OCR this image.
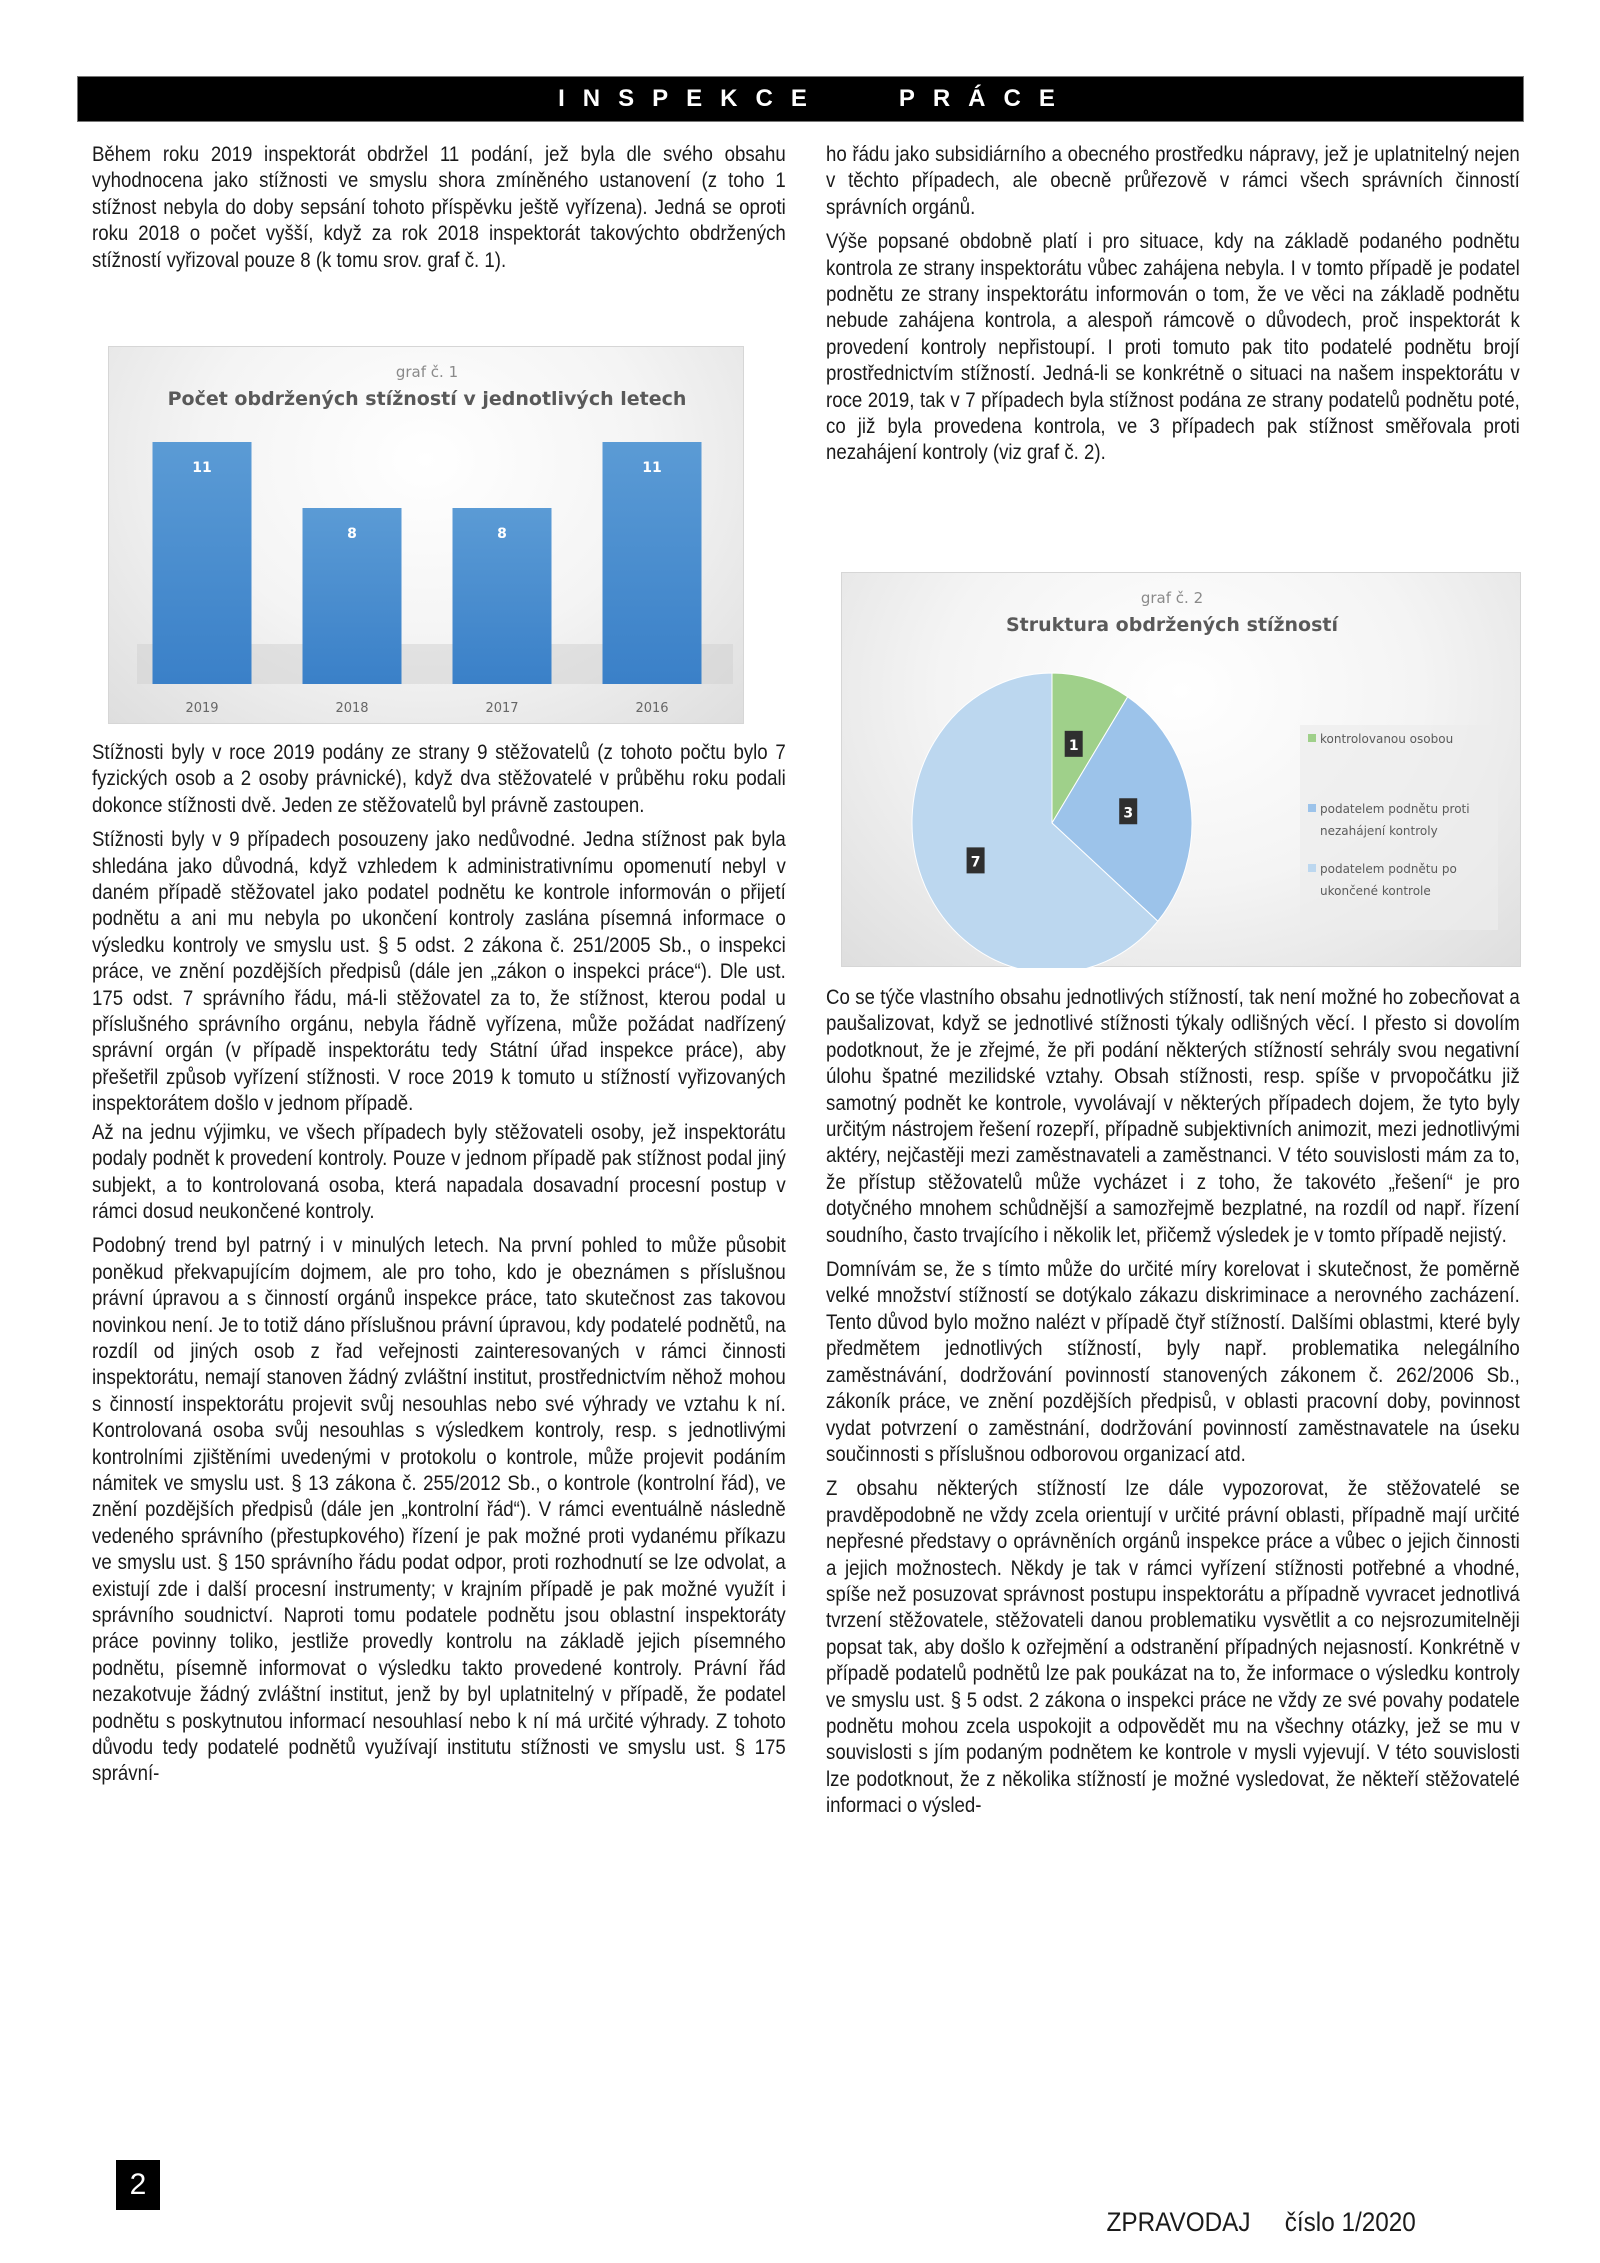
INSPEKCE   PRÁCE

Během roku 2019 inspektorát obdržel 11 podání, jež byla dle svého obsahu vyhodnocena jako stížnosti ve smyslu shora zmíněného ustanovení (z toho 1 stížnost nebyla do doby sepsání tohoto příspěvku ještě vyřízena). Jedná se oproti roku 2018 o počet vyšší, když za rok 2018 inspektorát takovýchto obdržených stížností vyřizoval pouze 8 (k tomu srov. graf č. 1).

graf č. 1
Počet obdržených stížností v jednotlivých letech
11
2019
8
2018
8
2017
11
2016

Stížnosti byly v roce 2019 podány ze strany 9 stěžovatelů (z tohoto počtu bylo 7 fyzických osob a 2 osoby právnické), když dva stěžovatelé v průběhu roku podali dokonce stížnosti dvě. Jeden ze stěžovatelů byl právně zastoupen.

Stížnosti byly v 9 případech posouzeny jako nedůvodné. Jedna stížnost pak byla shledána jako důvodná, když vzhledem k administrativnímu opomenutí nebyl v daném případě stěžovatel jako podatel podnětu ke kontrole informován o přijetí podnětu a ani mu nebyla po ukončení kontroly zaslána písemná informace o výsledku kontroly ve smyslu ust. § 5 odst. 2 zákona č. 251/2005 Sb., o inspekci práce, ve znění pozdějších předpisů (dále jen „zákon o inspekci práce“). Dle ust. 175 odst. 7 správního řádu, má-li stěžovatel za to, že stížnost, kterou podal u příslušného správního orgánu, nebyla řádně vyřízena, může požádat nadřízený správní orgán (v případě inspektorátu tedy Státní úřad inspekce práce), aby přešetřil způsob vyřízení stížnosti. V roce 2019 k tomuto u stížností vyřizovaných inspektorátem došlo v jednom případě.

Až na jednu výjimku, ve všech případech byly stěžovateli osoby, jež inspektorátu podaly podnět k provedení kontroly. Pouze v jednom případě pak stížnost podal jiný subjekt, a to kontrolovaná osoba, která napadala dosavadní procesní postup v rámci dosud neukončené kontroly.

Podobný trend byl patrný i v minulých letech. Na první pohled to může působit poněkud překvapujícím dojmem, ale pro toho, kdo je obeznámen s příslušnou právní úpravou a s činností orgánů inspekce práce, tato skutečnost zas takovou novinkou není. Je to totiž dáno příslušnou právní úpravou, kdy podatelé podnětů, na rozdíl od jiných osob z řad veřejnosti zainteresovaných v rámci činnosti inspektorátu, nemají stanoven žádný zvláštní institut, prostřednictvím něhož mohou s činností inspektorátu projevit svůj nesouhlas nebo své výhrady ve vztahu k ní. Kontrolovaná osoba svůj nesouhlas s výsledkem kontroly, resp. s jednotlivými kontrolními zjištěními uvedenými v protokolu o kontrole, může projevit podáním námitek ve smyslu ust. § 13 zákona č. 255/2012 Sb., o kontrole (kontrolní řád), ve znění pozdějších předpisů (dále jen „kontrolní řád“). V rámci eventuálně následně vedeného správního (přestupkového) řízení je pak možné proti vydanému příkazu ve smyslu ust. § 150 správního řádu podat odpor, proti rozhodnutí se lze odvolat, a existují zde i další procesní instrumenty; v krajním případě je pak možné využít i správního soudnictví. Naproti tomu podatele podnětu jsou oblastní inspektoráty práce povinny toliko, jestliže provedly kontrolu na základě jejich písemného podnětu, písemně informovat o výsledku takto provedené kontroly. Právní řád nezakotvuje žádný zvláštní institut, jenž by byl uplatnitelný v případě, že podatel podnětu s poskytnutou informací nesouhlasí nebo k ní má určité výhrady. Z tohoto důvodu tedy podatelé podnětů využívají institutu stížnosti ve smyslu ust. § 175 správní-

ho řádu jako subsidiárního a obecného prostředku nápravy, jež je uplatnitelný nejen v těchto případech, ale obecně průřezově v rámci všech správních činností správních orgánů.

Výše popsané obdobně platí i pro situace, kdy na základě podaného podnětu kontrola ze strany inspektorátu vůbec zahájena nebyla. I v tomto případě je podatel podnětu ze strany inspektorátu informován o tom, že ve věci na základě podnětu nebude zahájena kontrola, a alespoň rámcově o důvodech, proč inspektorát k provedení kontroly nepřistoupí. I proti tomuto pak tito podatelé podnětu brojí prostřednictvím stížností. Jedná-li se konkrétně o situaci na našem inspektorátu v roce 2019, tak v 7 případech byla stížnost podána ze strany podatelů podnětu poté, co již byla provedena kontrola, ve 3 případech pak stížnost směřovala proti nezahájení kontroly (viz graf č. 2).

graf č. 2
Struktura obdržených stížností
1
3
7
kontrolovanou osobou
podatelem podnětu proti
nezahájení kontroly
podatelem podnětu po
ukončené kontrole

Co se týče vlastního obsahu jednotlivých stížností, tak není možné ho zobecňovat a paušalizovat, když se jednotlivé stížnosti týkaly odlišných věcí. I přesto si dovolím podotknout, že je zřejmé, že při podání některých stížností sehrály svou negativní úlohu špatné mezilidské vztahy. Obsah stížnosti, resp. spíše v prvopočátku již samotný podnět ke kontrole, vyvolávají v některých případech dojem, že tyto byly určitým nástrojem řešení rozepří, případně subjektivních animozit, mezi jednotlivými aktéry, nejčastěji mezi zaměstnavateli a zaměstnanci. V této souvislosti mám za to, že přístup stěžovatelů může vycházet i z toho, že takovéto „řešení“ je pro dotyčného mnohem schůdnější a samozřejmě bezplatné, na rozdíl od např. řízení soudního, často trvajícího i několik let, přičemž výsledek je v tomto případě nejistý.

Domnívám se, že s tímto může do určité míry korelovat i skutečnost, že poměrně velké množství stížností se dotýkalo zákazu diskriminace a nerovného zacházení. Tento důvod bylo možno nalézt v případě čtyř stížností. Dalšími oblastmi, které byly předmětem jednotlivých stížností, byly např. problematika nelegálního zaměstnávání, dodržování povinností stanovených zákonem č. 262/2006 Sb., zákoník práce, ve znění pozdějších předpisů, v oblasti pracovní doby, povinnost vydat potvrzení o zaměstnání, dodržování povinností zaměstnavatele na úseku součinnosti s příslušnou odborovou organizací atd.

Z obsahu některých stížností lze dále vypozorovat, že stěžovatelé se pravděpodobně ne vždy zcela orientují v určité právní oblasti, případně mají určité nepřesné představy o oprávněních orgánů inspekce práce a vůbec o jejich činnosti a jejich možnostech. Někdy je tak v rámci vyřízení stížnosti potřebné a vhodné, spíše než posuzovat správnost postupu inspektorátu a případně vyvracet jednotlivá tvrzení stěžovatele, stěžovateli danou problematiku vysvětlit a co nejsrozumitelněji popsat tak, aby došlo k ozřejmění a odstranění případných nejasností. Konkrétně v případě podatelů podnětů lze pak poukázat na to, že informace o výsledku kontroly ve smyslu ust. § 5 odst. 2 zákona o inspekci práce ne vždy ze své povahy podatele podnětu mohou zcela uspokojit a odpovědět mu na všechny otázky, jež se mu v souvislosti s jím podaným podnětem ke kontrole v mysli vyjevují. V této souvislosti lze podotknout, že z několika stížností je možné vysledovat, že někteří stěžovatelé informaci o výsled-

2

ZPRAVODAJ číslo 1/2020
